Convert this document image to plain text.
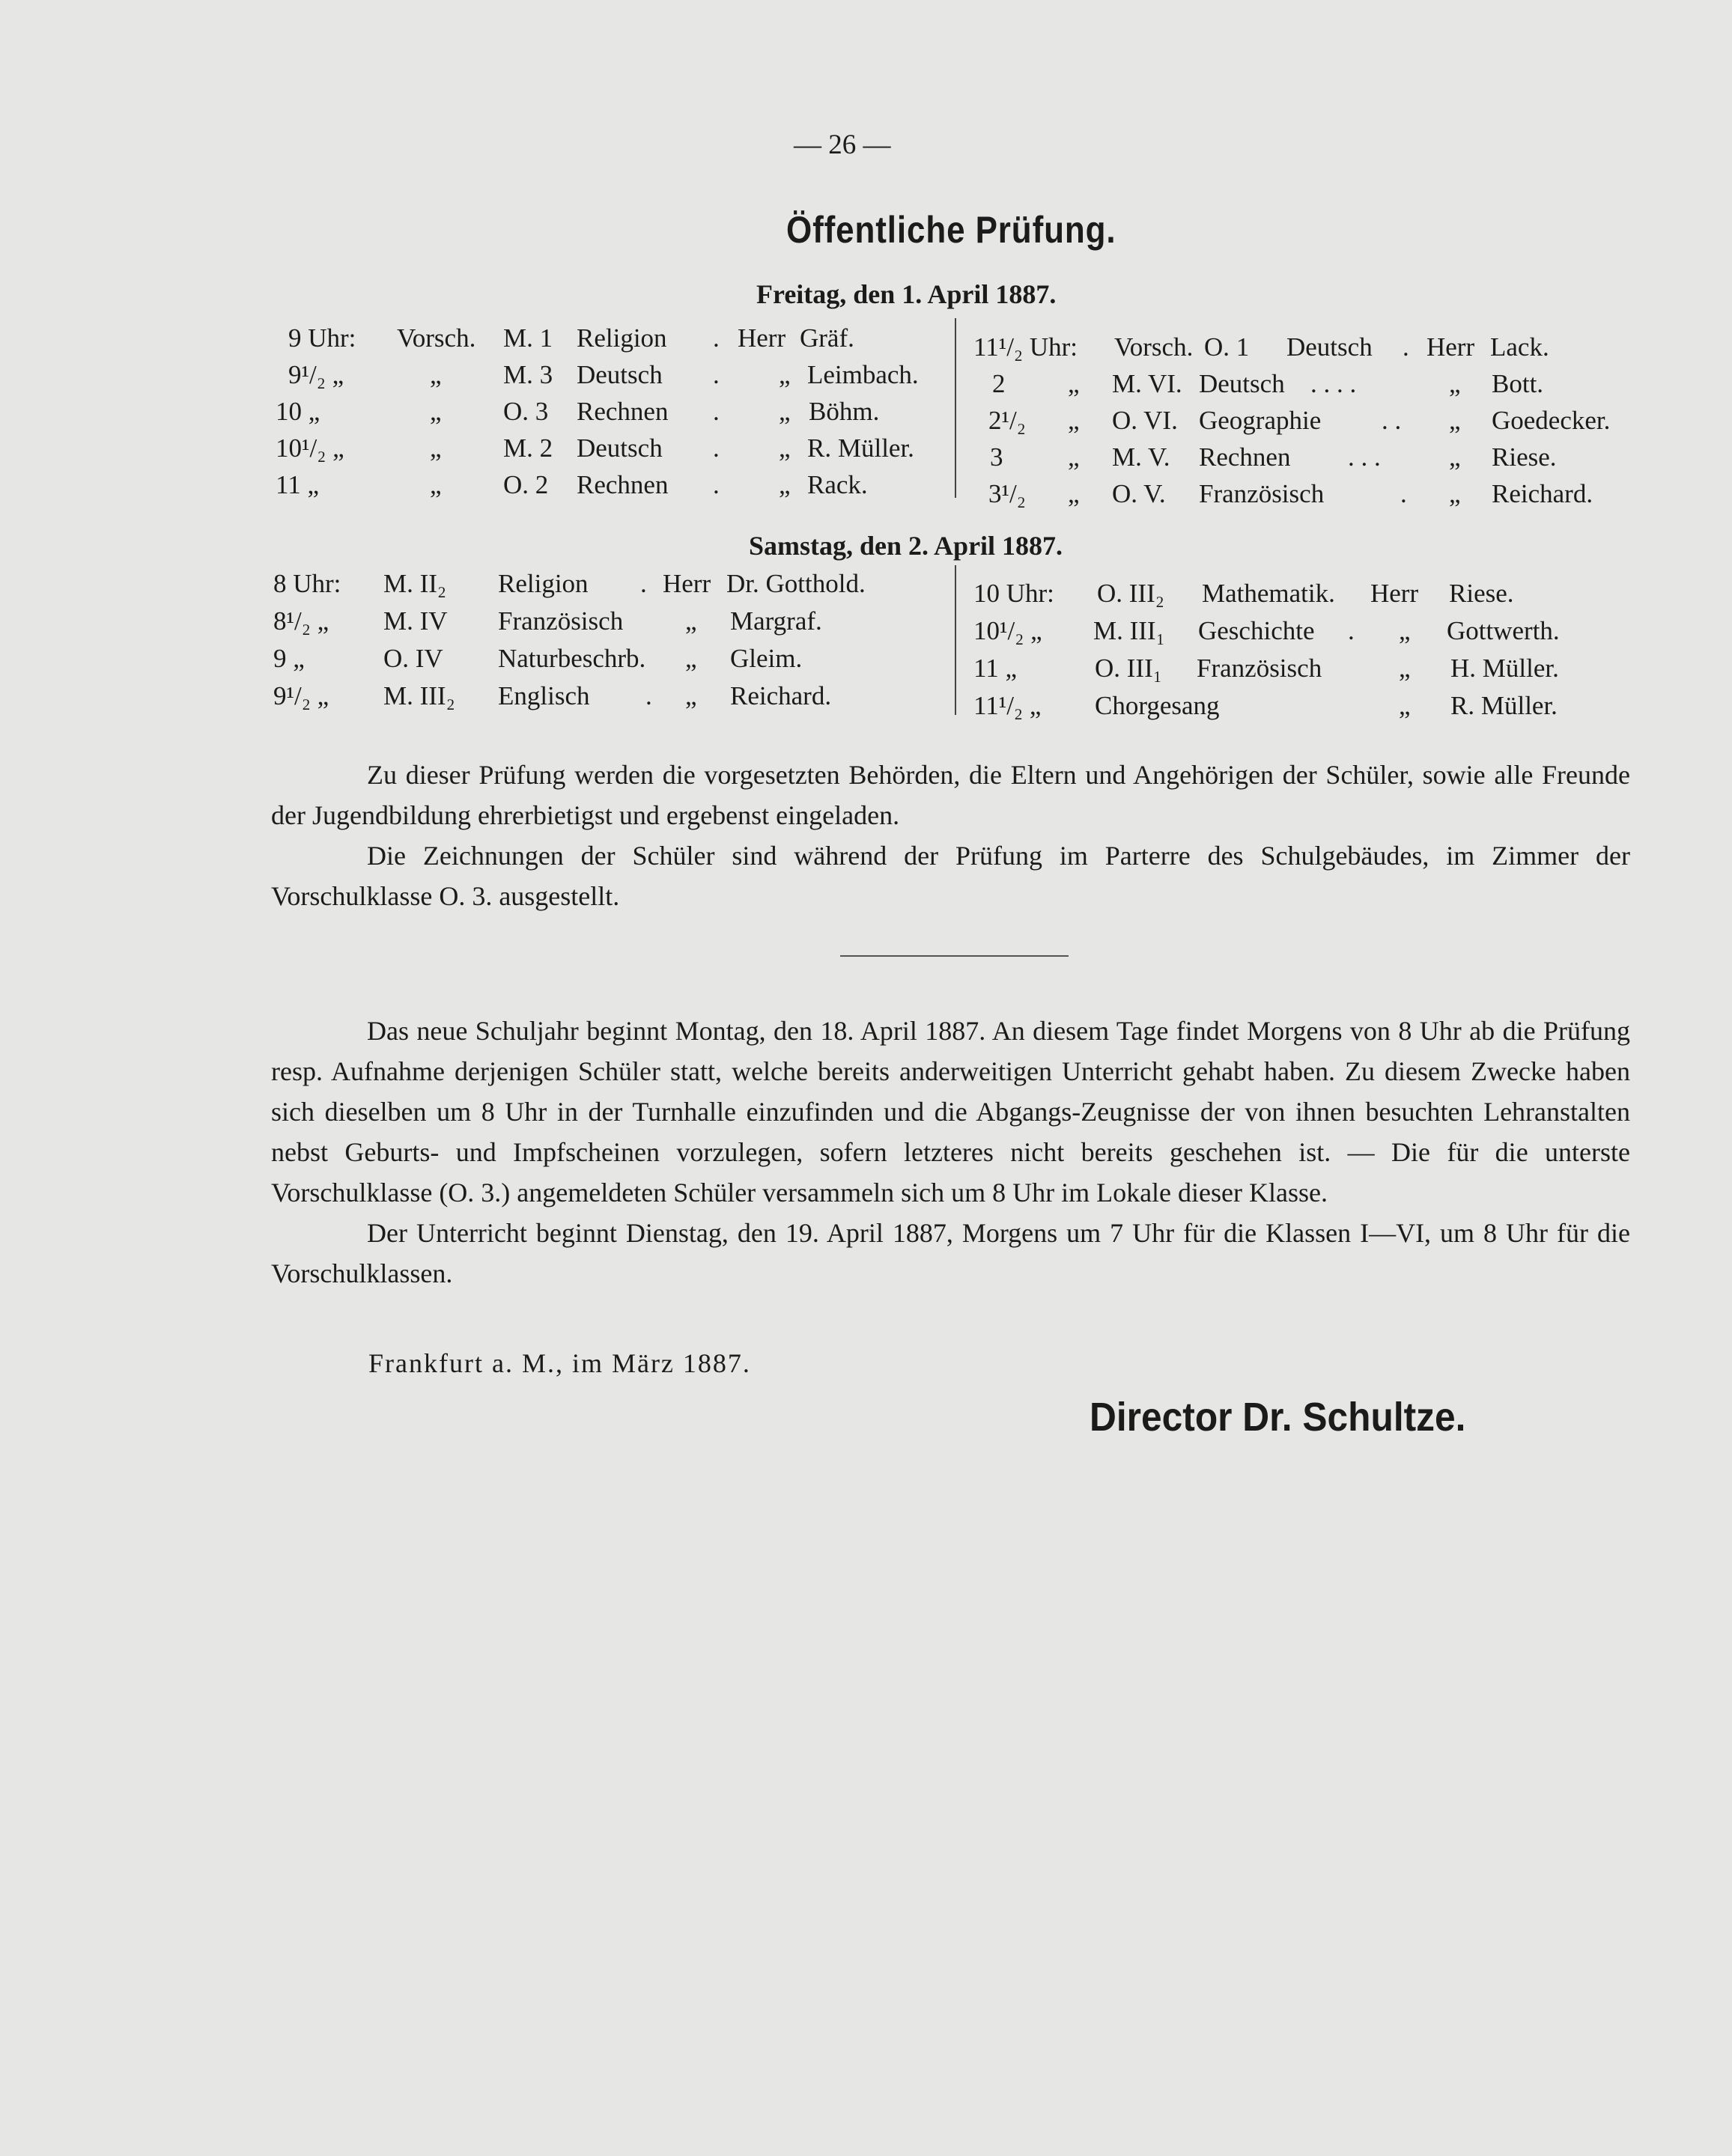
— 26 —
Öffentliche Prüfung.
Freitag, den 1. April 1887.
9 Uhr: Vorsch. M. 1 Religion . Herr Gräf.
9¹/₂ „	„ M. 3 Deutsch . „ Leimbach.
10 „	„ O. 3 Rechnen . „ Böhm.
10¹/₂ „	„ M. 2 Deutsch . „ R. Müller.
11 „	„ O. 2 Rechnen . „ Rack.
11¹/₂ Uhr: Vorsch. O. 1 Deutsch . Herr Lack.
2 „ M. VI. Deutsch . . . .	„ Bott.
2¹/₂ „ O. VI. Geographie . . „ Goedecker.
3 „ M. V. Rechnen . . .	„ Riese.
3¹/₂ „ O. V. Französisch	. „ Reichard.
Samstag, den 2. April 1887.
8 Uhr: M. II₂ Religion . Herr Dr. Gotthold.
8¹/₂ „ M. IV Französisch „ Margraf.
9 „	O. IV Naturbeschrb. „ Gleim.
9¹/₂ „ M. III₂ Englisch . „ Reichard.
10 Uhr: O. III₂ Mathematik. Herr Riese.
10¹/₂ „ M. III₁ Geschichte . „ Gottwerth.
11 „	O. III₁ Französisch	„ H. Müller.
11¹/₂ „ Chorgesang	„ R. Müller.

Zu dieser Prüfung werden die vorgesetzten Behörden, die Eltern und Angehörigen der Schüler, sowie alle Freunde der Jugendbildung ehrerbietigst und ergebenst eingeladen.

Die Zeichnungen der Schüler sind während der Prüfung im Parterre des Schulgebäudes, im Zimmer der Vorschulklasse O. 3. ausgestellt.

Das neue Schuljahr beginnt Montag, den 18. April 1887. An diesem Tage findet Morgens von 8 Uhr ab die Prüfung resp. Aufnahme derjenigen Schüler statt, welche bereits anderweitigen Unterricht gehabt haben. Zu diesem Zwecke haben sich dieselben um 8 Uhr in der Turnhalle einzufinden und die Abgangs-Zeugnisse der von ihnen besuchten Lehranstalten nebst Geburts- und Impfscheinen vorzulegen, sofern letzteres nicht bereits geschehen ist. — Die für die unterste Vorschulklasse (O. 3.) angemeldeten Schüler versammeln sich um 8 Uhr im Lokale dieser Klasse.

Der Unterricht beginnt Dienstag, den 19. April 1887, Morgens um 7 Uhr für die Klassen I—VI, um 8 Uhr für die Vorschulklassen.

Frankfurt a. M., im März 1887.
Director Dr. Schultze.
